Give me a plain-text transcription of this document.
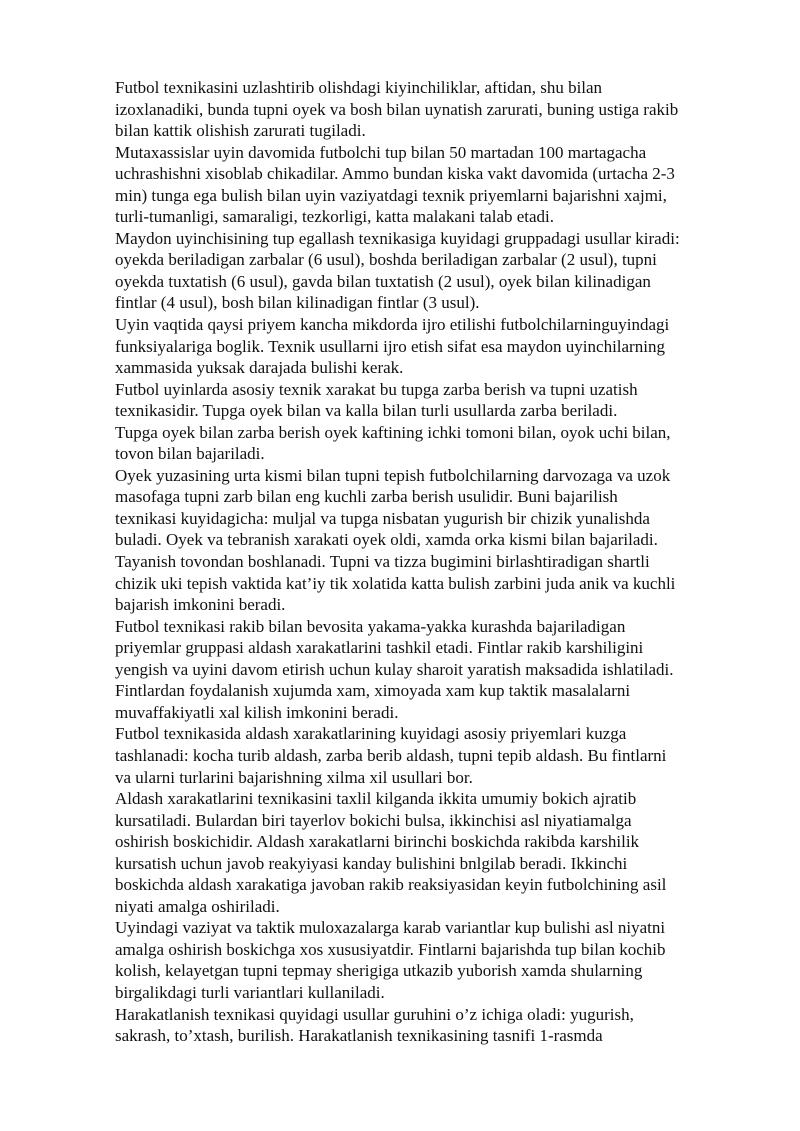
Futbol texnikasini uzlashtirib olishdagi kiyinchiliklar, aftidan, shu bilan
izoxlanadiki, bunda tupni oyek va bosh bilan uynatish zarurati, buning ustiga rakib
bilan kattik olishish zarurati tugiladi.

Mutaxassislar uyin davomida futbolchi tup bilan 50 martadan 100 martagacha
uchrashishni xisoblab chikadilar. Ammo bundan kiska vakt davomida (urtacha 2-3
min) tunga ega bulish bilan uyin vaziyatdagi texnik priyemlarni bajarishni xajmi,
turli-tumanligi, samaraligi, tezkorligi, katta malakani talab etadi.

Maydon uyinchisining tup egallash texnikasiga kuyidagi gruppadagi usullar kiradi:
oyekda beriladigan zarbalar (6 usul), boshda beriladigan zarbalar (2 usul), tupni
oyekda tuxtatish (6 usul), gavda bilan tuxtatish (2 usul), oyek bilan kilinadigan
fintlar (4 usul), bosh bilan kilinadigan fintlar (3 usul).

Uyin vaqtida qaysi priyem kancha mikdorda ijro etilishi futbolchilarninguyindagi
funksiyalariga boglik. Texnik usullarni ijro etish sifat esa maydon uyinchilarning
xammasida yuksak darajada bulishi kerak.

Futbol uyinlarda asosiy texnik xarakat bu tupga zarba berish va tupni uzatish
texnikasidir. Tupga oyek bilan va kalla bilan turli usullarda zarba beriladi.

Tupga oyek bilan zarba berish oyek kaftining ichki tomoni bilan, oyok uchi bilan,
tovon bilan bajariladi.

Oyek yuzasining urta kismi bilan tupni tepish futbolchilarning darvozaga va uzok
masofaga tupni zarb bilan eng kuchli zarba berish usulidir. Buni bajarilish
texnikasi kuyidagicha: muljal va tupga nisbatan yugurish bir chizik yunalishda
buladi. Oyek va tebranish xarakati oyek oldi, xamda orka kismi bilan bajariladi.
Tayanish tovondan boshlanadi. Tupni va tizza bugimini birlashtiradigan shartli
chizik uki tepish vaktida kat’iy tik xolatida katta bulish zarbini juda anik va kuchli
bajarish imkonini beradi.

Futbol texnikasi rakib bilan bevosita yakama-yakka kurashda bajariladigan
priyemlar gruppasi aldash xarakatlarini tashkil etadi. Fintlar rakib karshiligini
yengish va uyini davom etirish uchun kulay sharoit yaratish maksadida ishlatiladi.
Fintlardan foydalanish xujumda xam, ximoyada xam kup taktik masalalarni
muvaffakiyatli xal kilish imkonini beradi.

Futbol texnikasida aldash xarakatlarining kuyidagi asosiy priyemlari kuzga
tashlanadi: kocha turib aldash, zarba berib aldash, tupni tepib aldash. Bu fintlarni
va ularni turlarini bajarishning xilma xil usullari bor.

Aldash xarakatlarini texnikasini taxlil kilganda ikkita umumiy bokich ajratib
kursatiladi. Bulardan biri tayerlov bokichi bulsa, ikkinchisi asl niyatiamalga
oshirish boskichidir. Aldash xarakatlarni birinchi boskichda rakibda karshilik
kursatish uchun javob reakyiyasi kanday bulishini bnlgilab beradi. Ikkinchi
boskichda aldash xarakatiga javoban rakib reaksiyasidan keyin futbolchining asil
niyati amalga oshiriladi.

Uyindagi vaziyat va taktik muloxazalarga karab variantlar kup bulishi asl niyatni
amalga oshirish boskichga xos xususiyatdir. Fintlarni bajarishda tup bilan kochib
kolish, kelayetgan tupni tepmay sherigiga utkazib yuborish xamda shularning
birgalikdagi turli variantlari kullaniladi.

Harakatlanish texnikasi quyidagi usullar guruhini o’z ichiga oladi: yugurish,
sakrash, to’xtash, burilish. Harakatlanish texnikasining tasnifi 1-rasmda
